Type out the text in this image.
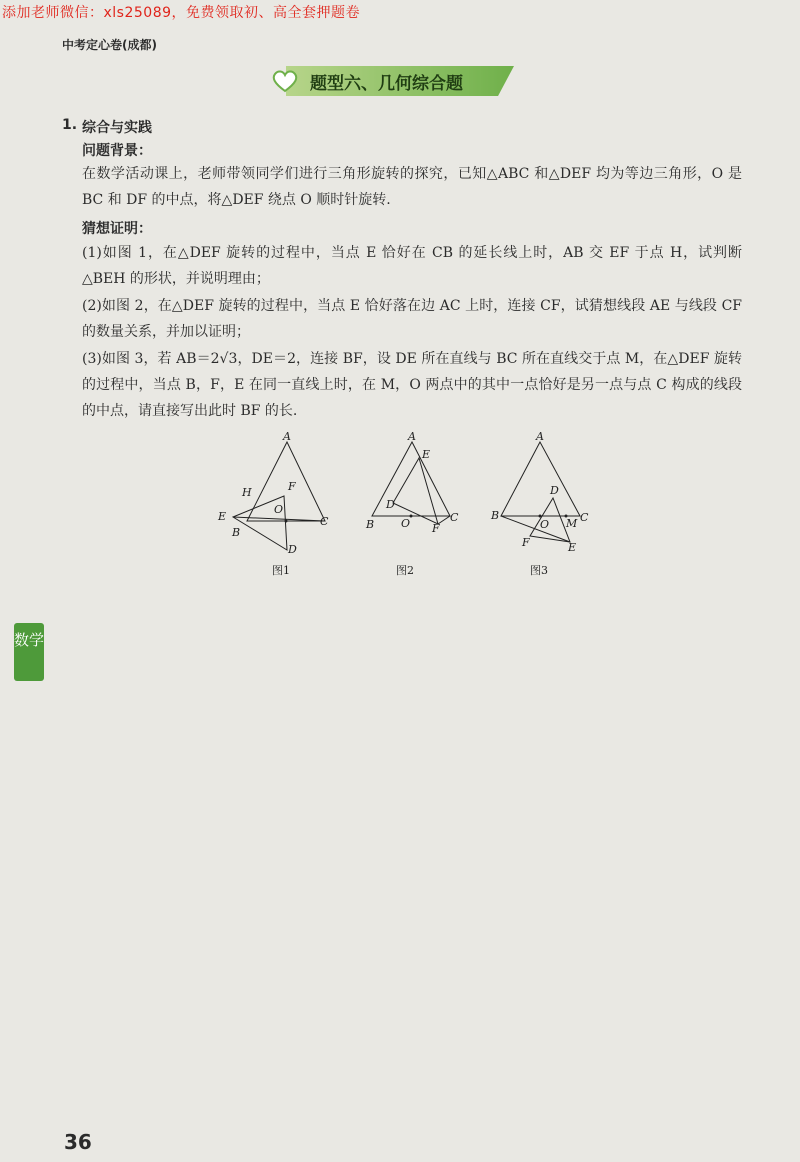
添加老师微信：xls25089，免费领取初、高全套押题卷
中考定心卷(成都)
题型六、几何综合题
1. 综合与实践
问题背景：
在数学活动课上，老师带领同学们进行三角形旋转的探究，已知△ABC 和△DEF 均为等边三角形，O 是 BC 和 DF 的中点，将△DEF 绕点 O 顺时针旋转.
猜想证明：
(1)如图 1，在△DEF 旋转的过程中，当点 E 恰好在 CB 的延长线上时，AB 交 EF 于点 H，试判断△BEH 的形状，并说明理由；
(2)如图 2，在△DEF 旋转的过程中，当点 E 恰好落在边 AC 上时，连接 CF，试猜想线段 AE 与线段 CF 的数量关系，并加以证明；
(3)如图 3，若 AB＝2√3，DE＝2，连接 BF，设 DE 所在直线与 BC 所在直线交于点 M，在△DEF 旋转的过程中，当点 B，F，E 在同一直线上时，在 M，O 两点中的其中一点恰好是另一点与点 C 构成的线段的中点，请直接写出此时 BF 的长.
A
H	F
E
O
C
B
D
图1
A
E
D
B O F
C
图2
A
D
B
O M C
F	E
图3
数学
36
